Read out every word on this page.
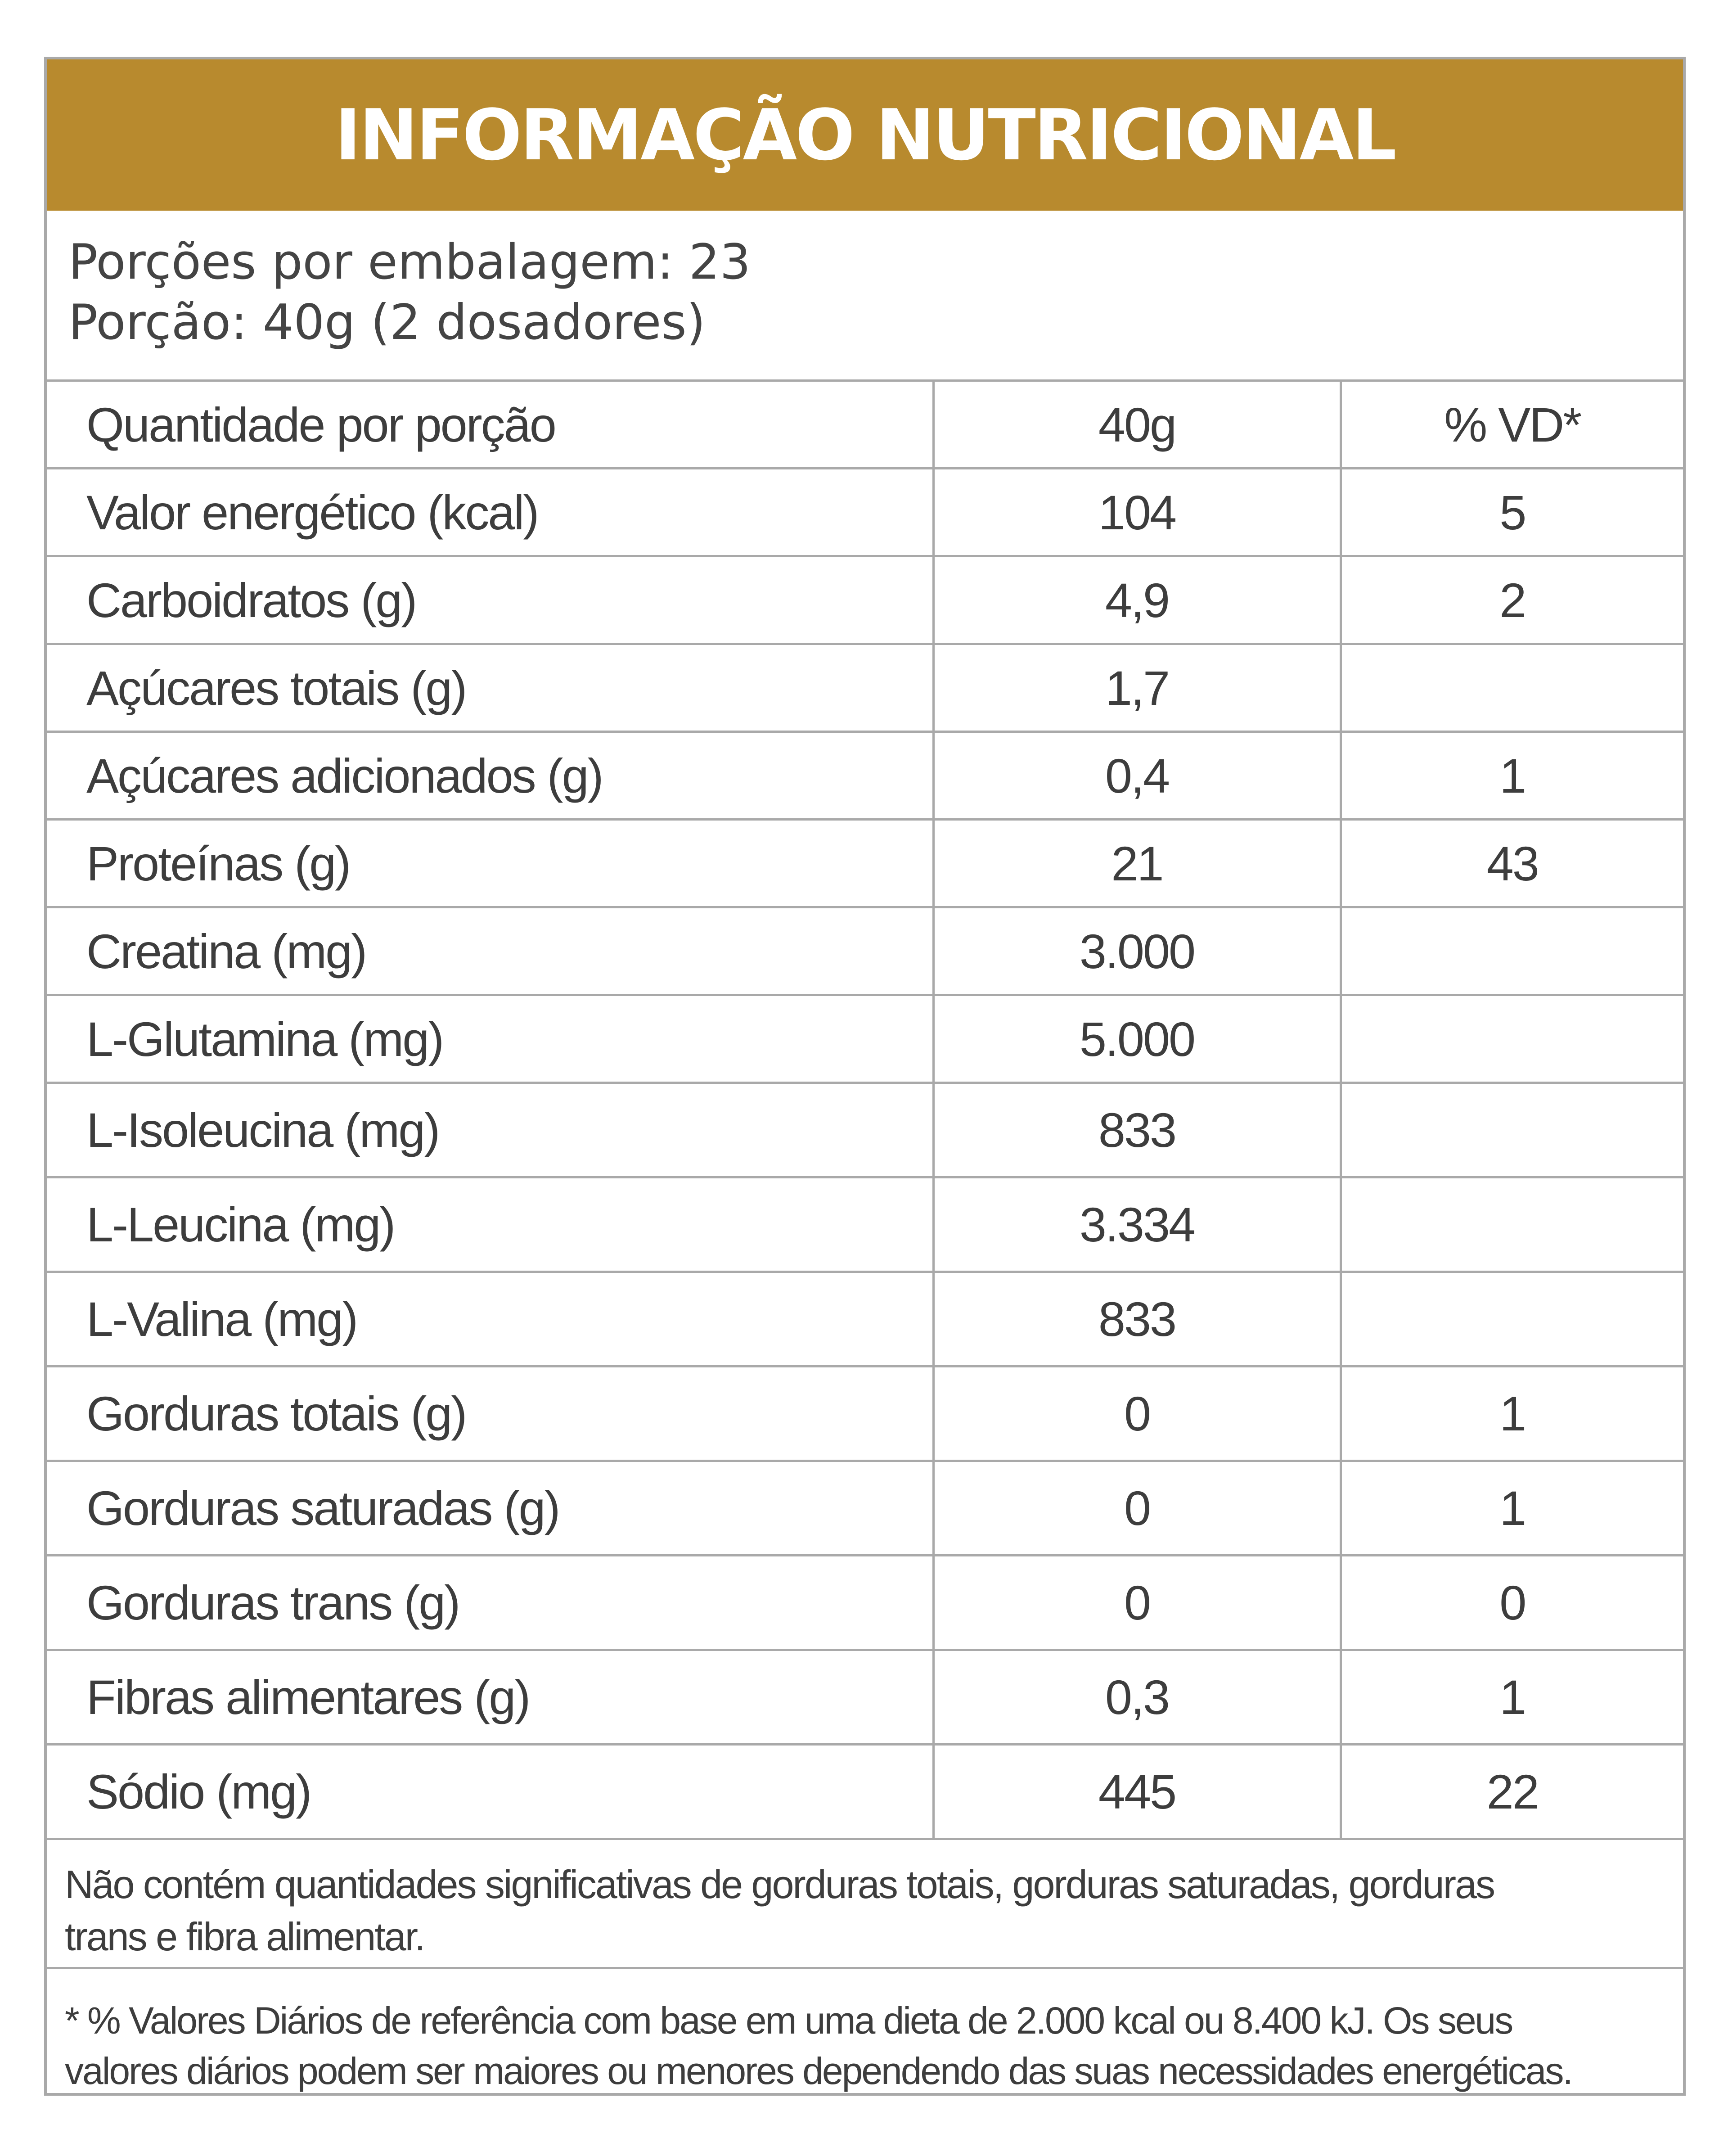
INFORMAÇÃO NUTRICIONAL
Porções por embalagem: 23
Porção: 40g (2 dosadores)
Quantidade por porção	40g	% VD*
Valor energético (kcal)	104	5
Carboidratos (g)	4,9	2
Açúcares totais (g)	1,7	
Açúcares adicionados (g)	0,4	1
Proteínas (g)	21	43
Creatina (mg)	3.000	
L-Glutamina (mg)	5.000	
L-Isoleucina (mg)	833	
L-Leucina (mg)	3.334	
L-Valina (mg)	833	
Gorduras totais (g)	0	1
Gorduras saturadas (g)	0	1
Gorduras trans (g)	0	0
Fibras alimentares (g)	0,3	1
Sódio (mg)	445	22
Não contém quantidades significativas de gorduras totais, gorduras saturadas, gorduras
trans e fibra alimentar.
* % Valores Diários de referência com base em uma dieta de 2.000 kcal ou 8.400 kJ. Os seus
valores diários podem ser maiores ou menores dependendo das suas necessidades energéticas.
